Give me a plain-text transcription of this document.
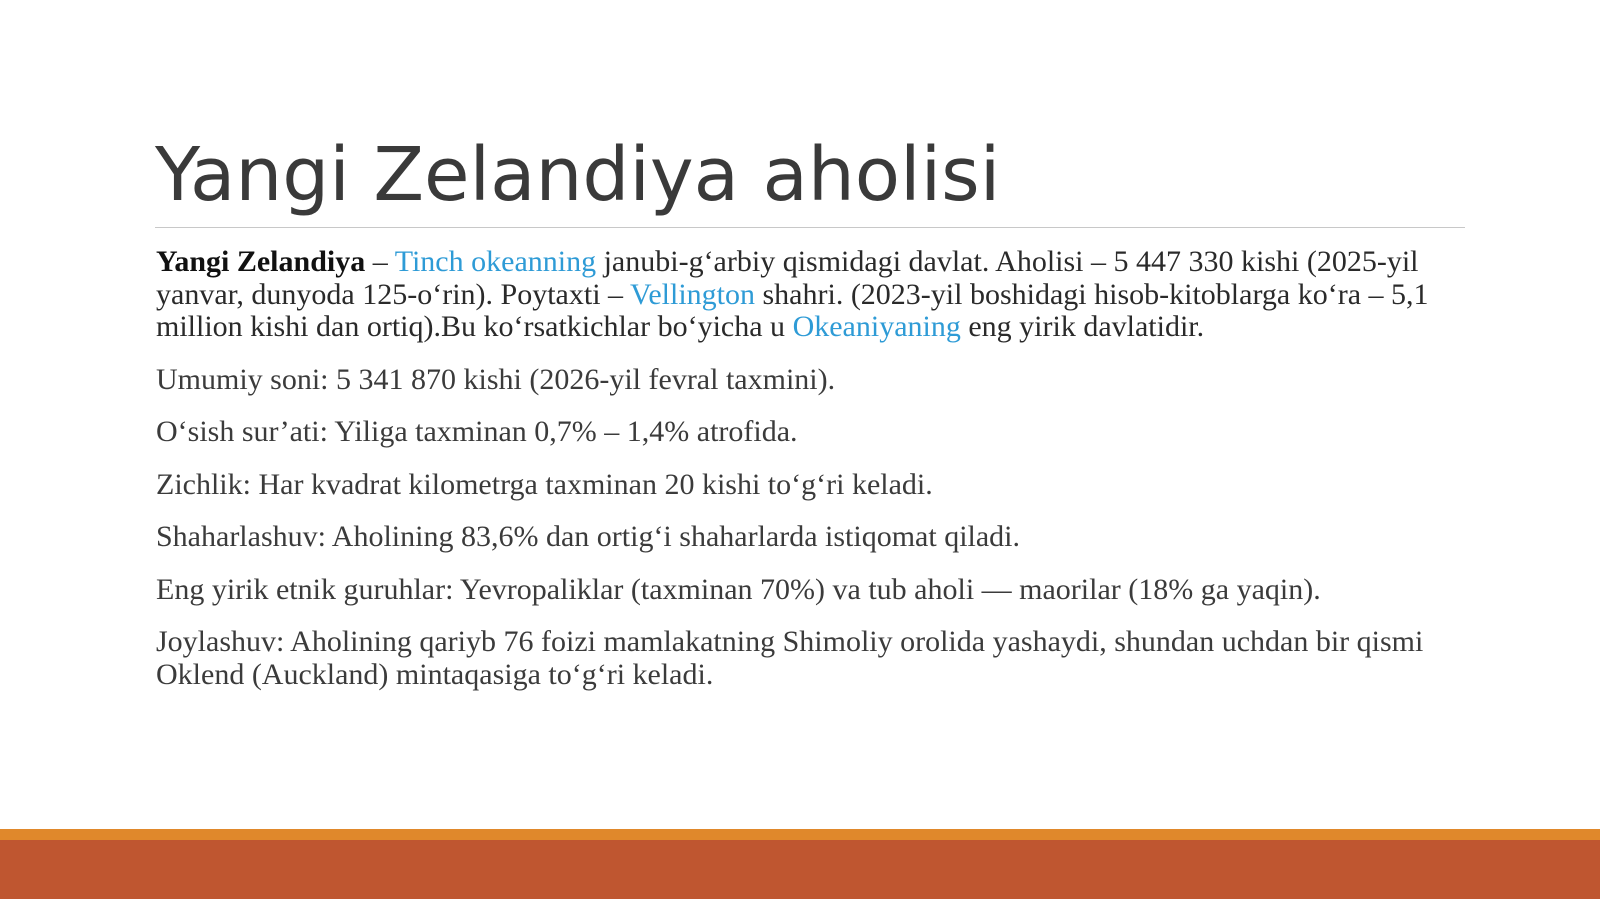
Yangi Zelandiya aholisi

Yangi Zelandiya – Tinch okeanning janubi-g‘arbiy qismidagi davlat. Aholisi – 5 447 330 kishi (2025-yil yanvar, dunyoda 125-o‘rin). Poytaxti – Vellington shahri. (2023-yil boshidagi hisob-kitoblarga ko‘ra – 5,1 million kishi dan ortiq).Bu ko‘rsatkichlar bo‘yicha u Okeaniyaning eng yirik davlatidir.

Umumiy soni: 5 341 870 kishi (2026-yil fevral taxmini).

O‘sish sur’ati: Yiliga taxminan 0,7% – 1,4% atrofida.

Zichlik: Har kvadrat kilometrga taxminan 20 kishi to‘g‘ri keladi.

Shaharlashuv: Aholining 83,6% dan ortig‘i shaharlarda istiqomat qiladi.

Eng yirik etnik guruhlar: Yevropaliklar (taxminan 70%) va tub aholi — maorilar (18% ga yaqin).

Joylashuv: Aholining qariyb 76 foizi mamlakatning Shimoliy orolida yashaydi, shundan uchdan bir qismi Oklend (Auckland) mintaqasiga to‘g‘ri keladi.
